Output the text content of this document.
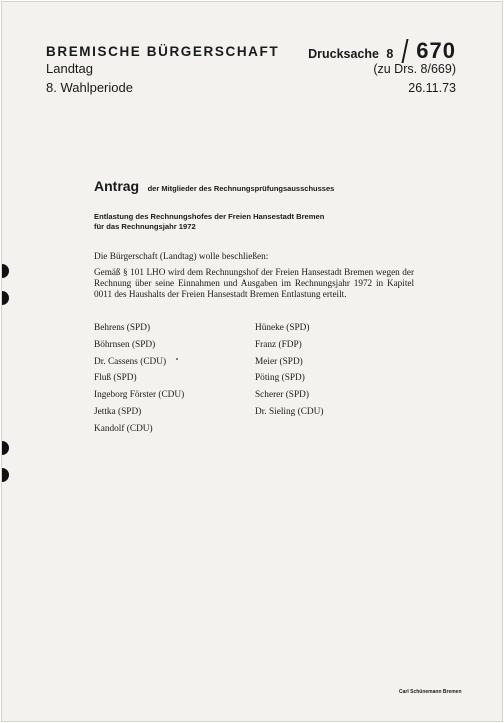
BREMISCHE BÜRGERSCHAFT
Landtag
8. Wahlperiode
Drucksache 8 670
(zu Drs. 8/669)
26.11.73
Antrag der Mitglieder des Rechnungsprüfungsausschusses
Entlastung des Rechnungshofes der Freien Hansestadt Bremen
für das Rechnungsjahr 1972
Die Bürgerschaft (Landtag) wolle beschließen:
Gemäß § 101 LHO wird dem Rechnungshof der Freien Hansestadt Bremen wegen der Rechnung über seine Einnahmen und Ausgaben im Rechnungsjahr 1972 in Kapitel 0011 des Haushalts der Freien Hansestadt Bremen Entlastung erteilt.
Behrens (SPD)
Böhrnsen (SPD)
Dr. Cassens (CDU)
Fluß (SPD)
Ingeborg Förster (CDU)
Jettka (SPD)
Kandolf (CDU)
Hüneke (SPD)
Franz (FDP)
Meier (SPD)
Pöting (SPD)
Scherer (SPD)
Dr. Sieling (CDU)
Carl Schünemann Bremen
